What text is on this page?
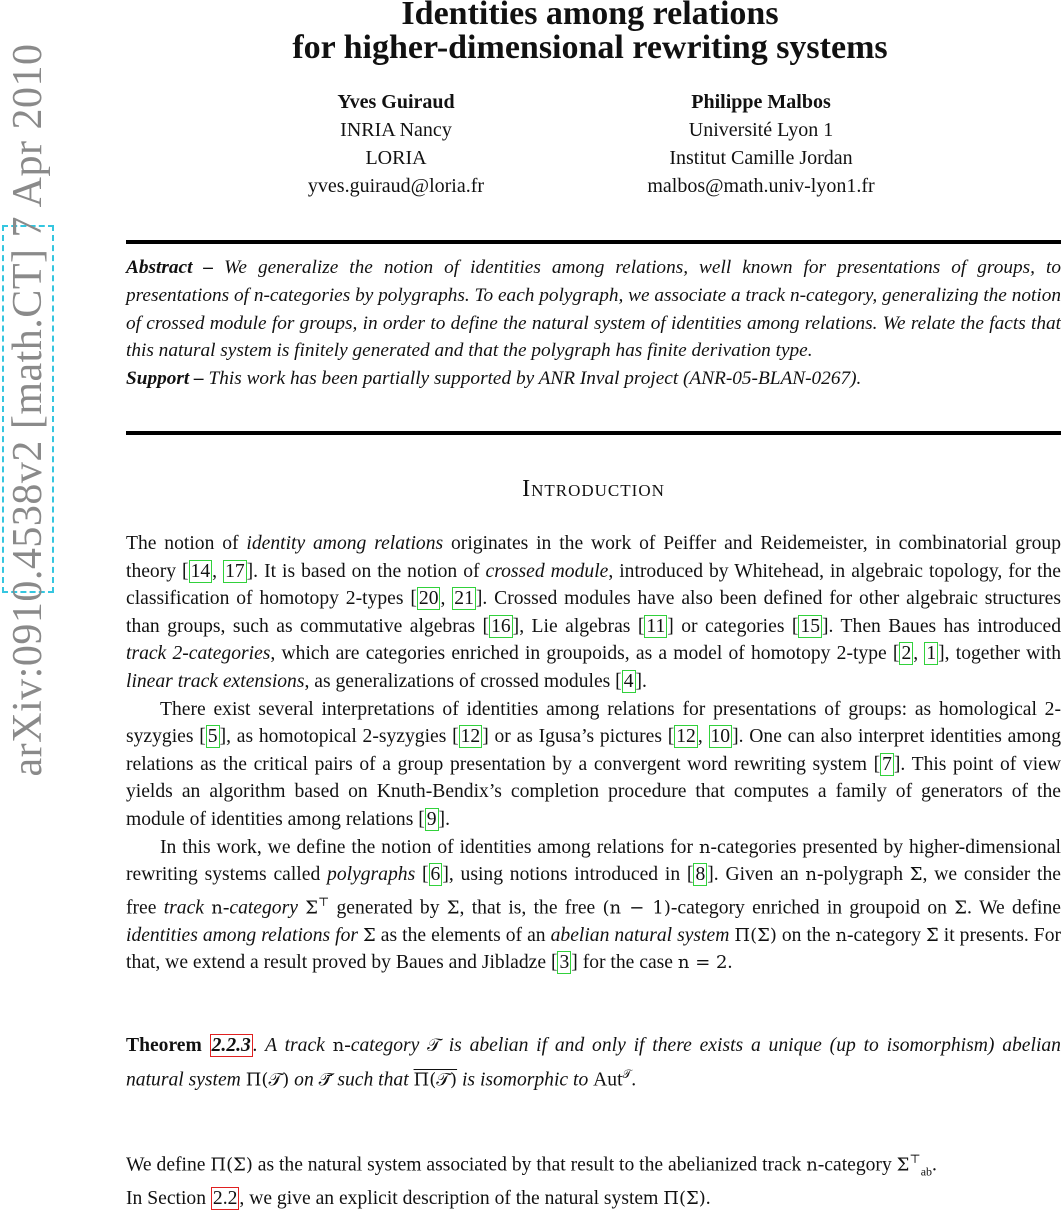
arXiv:0910.4538v2 [math.CT] 7 Apr 2010
Identities among relations
for higher-dimensional rewriting systems
Yves Guiraud
INRIA Nancy
LORIA
yves.guiraud@loria.fr
Philippe Malbos
Université Lyon 1
Institut Camille Jordan
malbos@math.univ-lyon1.fr
Abstract – We generalize the notion of identities among relations, well known for presentations of groups, to presentations of n-categories by polygraphs. To each polygraph, we associate a track n-category, generalizing the notion of crossed module for groups, in order to define the natural system of identities among relations. We relate the facts that this natural system is finitely generated and that the polygraph has finite derivation type.
Support – This work has been partially supported by ANR Inval project (ANR-05-BLAN-0267).
Introduction

The notion of identity among relations originates in the work of Peiffer and Reidemeister, in combinatorial group theory [ 14 , 17 ]. It is based on the notion of crossed module, introduced by Whitehead, in algebraic topology, for the classification of homotopy 2-types [ 20 , 21 ]. Crossed modules have also been defined for other algebraic structures than groups, such as commutative algebras [ 16 ], Lie algebras [ 11 ] or categories [ 15 ]. Then Baues has introduced track 2-categories, which are categories enriched in groupoids, as a model of homotopy 2-type [ 2 , 1 ], together with linear track extensions, as generalizations of crossed modules [ 4 ].

There exist several interpretations of identities among relations for presentations of groups: as homological 2-syzygies [ 5 ], as homotopical 2-syzygies [ 12 ] or as Igusa’s pictures [ 12 , 10 ]. One can also interpret identities among relations as the critical pairs of a group presentation by a convergent word rewriting system [ 7 ]. This point of view yields an algorithm based on Knuth-Bendix’s completion procedure that computes a family of generators of the module of identities among relations [ 9 ].

In this work, we define the notion of identities among relations for n-categories presented by higher-dimensional rewriting systems called polygraphs [ 6 ], using notions introduced in [ 8 ]. Given an n-polygraph Σ, we consider the free track n-category Σ⊤ generated by Σ, that is, the free (n − 1)-category enriched in groupoid on Σ. We define identities among relations for Σ as the elements of an abelian natural system Π(Σ) on the n-category Σ̄ it presents. For that, we extend a result proved by Baues and Jibladze [ 3 ] for the case n = 2.

Theorem 2.2.3 . A track n-category 𝒯 is abelian if and only if there exists a unique (up to isomorphism) abelian natural system Π(𝒯) on 𝒯̄ such that Π(𝒯) is isomorphic to Aut$^𝒯$.
We define Π(Σ) as the natural system associated by that result to the abelianized track n-category $\Sigma^⊤_{ab}$.
In Section 2.2 , we give an explicit description of the natural system Π(Σ).
